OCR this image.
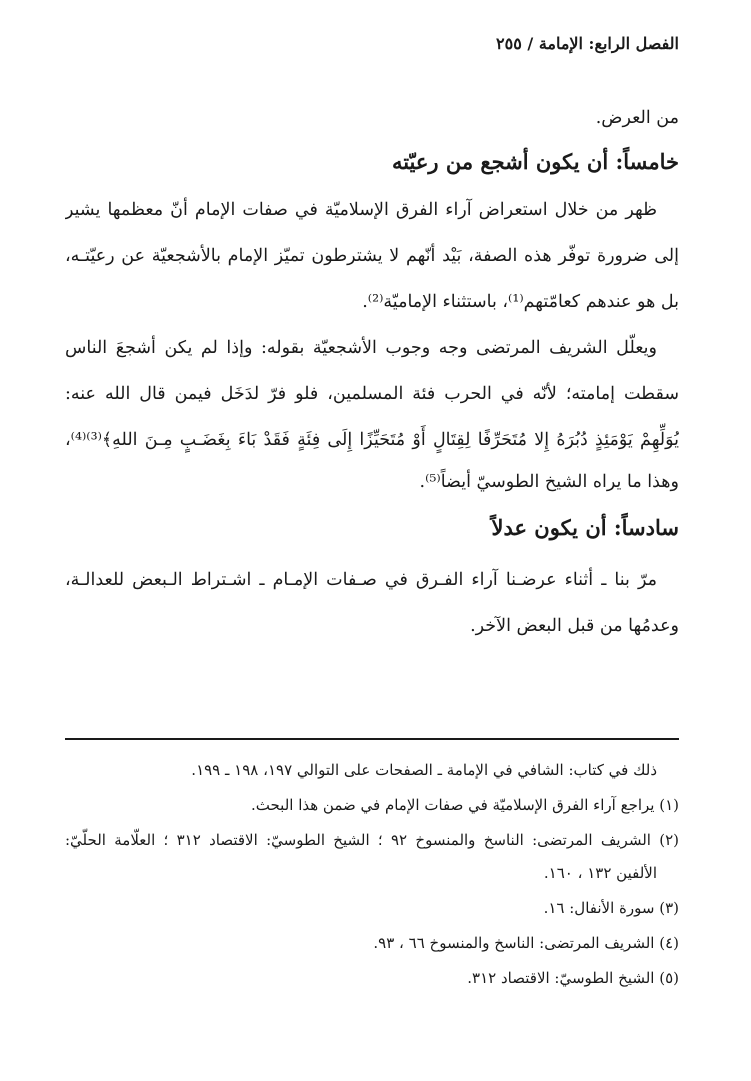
الفصل الرابع: الإمامة / ٢٥٥
من العرض.
خامساً: أن يكون أشجع من رعيّته
ظهر من خلال استعراض آراء الفرق الإسلاميّة في صفات الإمام أنّ معظمها يشير
إلى ضرورة توفّر هذه الصفة، بَيْد أنّهم لا يشترطون تميّز الإمام بالأشجعيّة عن رعيّتـه،
بل هو عندهم كعامّتهم⁽¹⁾، باستثناء الإماميّة⁽²⁾.
ويعلّل الشريف المرتضى وجه وجوب الأشجعيّة بقوله: وإذا لم يكن أشجعَ الناس
سقطت إمامته؛ لأنّه في الحرب فئة المسلمين، فلو فرّ لدَخَل فيمن قال الله عنه:
يُوَلِّهِمْ يَوْمَئِذٍ دُبُرَهُ إِلا مُتَحَرِّفًا لِقِتَالٍ أَوْ مُتَحَيِّزًا إِلَى فِئَةٍ فَقَدْ بَاءَ بِغَضَـبٍ مِـنَ اللهِ﴾⁽³⁾⁽⁴⁾،
وهذا ما يراه الشيخ الطوسيّ أيضاً⁽⁵⁾.
سادساً: أن يكون عدلاً
مرّ بنا ـ أثناء عرضـنا آراء الفـرق في صـفات الإمـام ـ اشـتراط الـبعض للعدالـة،
وعدمُها من قبل البعض الآخر.
ذلك في كتاب: الشافي في الإمامة ـ الصفحات على التوالي ١٩٧، ١٩٨ ـ ١٩٩.
(١) يراجع آراء الفرق الإسلاميّة في صفات الإمام في ضمن هذا البحث.
(٢) الشريف المرتضى: الناسخ والمنسوخ ٩٢ ؛ الشيخ الطوسيّ: الاقتصاد ٣١٢ ؛ العلّامة الحلّيّ:
الألفين ١٣٢ ، ١٦٠.
(٣) سورة الأنفال: ١٦.
(٤) الشريف المرتضى: الناسخ والمنسوخ ٦٦ ، ٩٣.
(٥) الشيخ الطوسيّ: الاقتصاد ٣١٢.
